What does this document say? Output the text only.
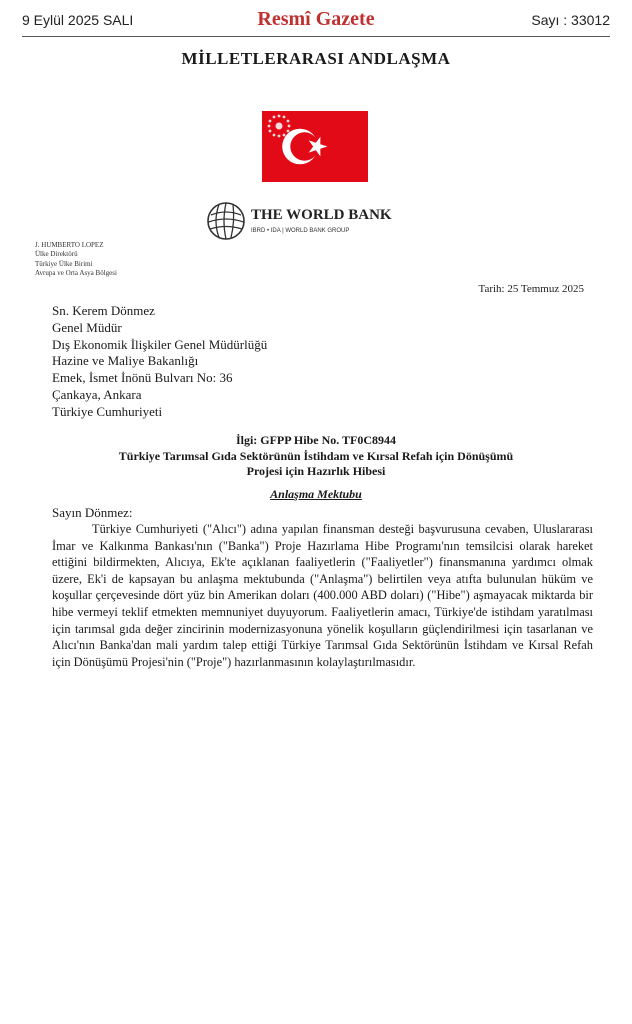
9 Eylül 2025 SALI	Resmî Gazete	Sayı : 33012
MİLLETLERARASI ANDLAŞMA
THE WORLD BANK
IBRD • IDA | WORLD BANK GROUP
J. HUMBERTO LOPEZ
Ülke Direktörü
Türkiye Ülke Birimi
Avrupa ve Orta Asya Bölgesi
Tarih: 25 Temmuz 2025
Sn. Kerem Dönmez
Genel Müdür
Dış Ekonomik İlişkiler Genel Müdürlüğü
Hazine ve Maliye Bakanlığı
Emek, İsmet İnönü Bulvarı No: 36
Çankaya, Ankara
Türkiye Cumhuriyeti
İlgi: GFPP Hibe No. TF0C8944
Türkiye Tarımsal Gıda Sektörünün İstihdam ve Kırsal Refah için Dönüşümü
Projesi için Hazırlık Hibesi
Anlaşma Mektubu
Sayın Dönmez:

Türkiye Cumhuriyeti ("Alıcı") adına yapılan finansman desteği başvurusuna cevaben, Uluslararası İmar ve Kalkınma Bankası'nın ("Banka") Proje Hazırlama Hibe Programı'nın temsilcisi olarak hareket ettiğini bildirmekten, Alıcıya, Ek'te açıklanan faaliyetlerin ("Faaliyetler") finansmanına yardımcı olmak üzere, Ek'i de kapsayan bu anlaşma mektubunda ("Anlaşma") belirtilen veya atıfta bulunulan hüküm ve koşullar çerçevesinde dört yüz bin Amerikan doları (400.000 ABD doları) ("Hibe") aşmayacak miktarda bir hibe vermeyi teklif etmekten memnuniyet duyuyorum. Faaliyetlerin amacı, Türkiye'de istihdam yaratılması için tarımsal gıda değer zincirinin modernizasyonuna yönelik koşulların güçlendirilmesi için tasarlanan ve Alıcı'nın Banka'dan mali yardım talep ettiği Türkiye Tarımsal Gıda Sektörünün İstihdam ve Kırsal Refah için Dönüşümü Projesi'nin ("Proje") hazırlanmasının kolaylaştırılmasıdır.
